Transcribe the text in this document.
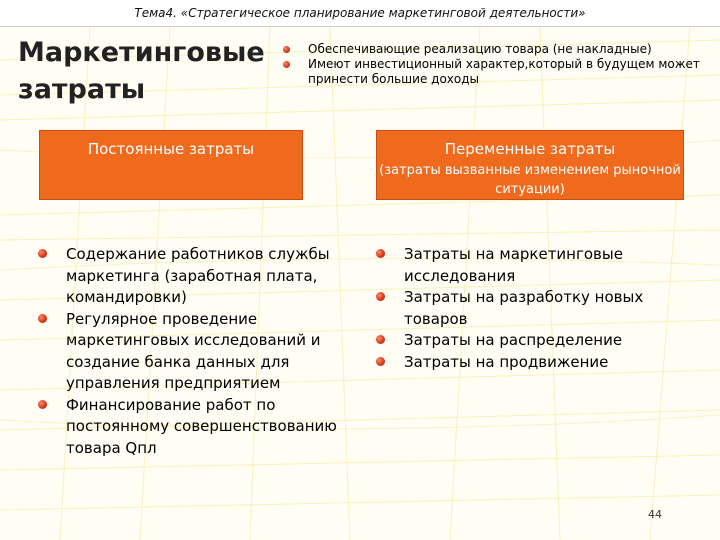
Тема4. «Стратегическое планирование маркетинговой деятельности»
Маркетинговые затраты
Обеспечивающие реализацию товара (не накладные)
Имеют инвестиционный характер,который в будущем может принести большие доходы
Постоянные затраты	Переменные затраты
(затраты вызванные изменением рыночной ситуации)
Содержание работников службы маркетинга (заработная плата, командировки)
Регулярное проведение маркетинговых исследований и создание банка данных для управления предприятием
Финансирование работ по постоянному совершенствованию товара Qпл
Затраты на маркетинговые исследования
Затраты на разработку новых товаров
Затраты на распределение
Затраты на продвижение
44
